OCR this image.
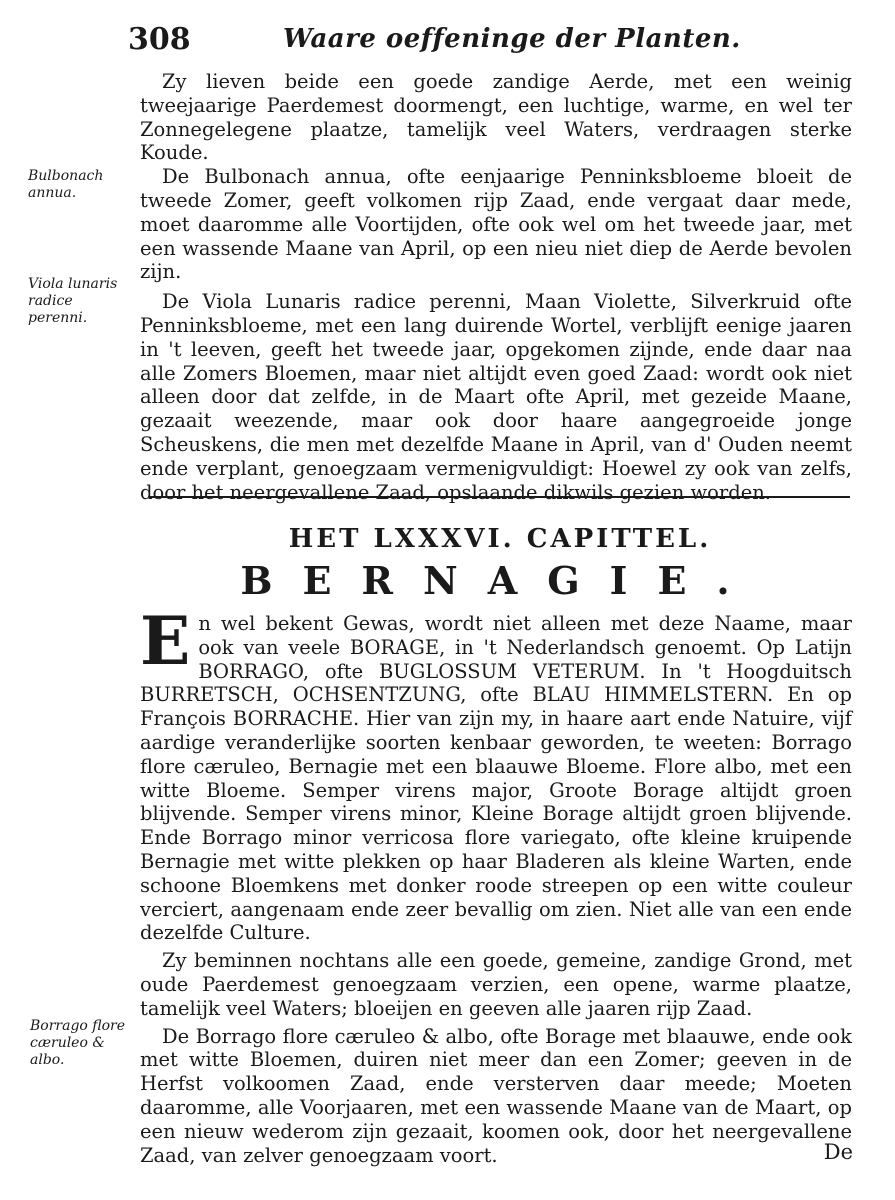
308	Waare oeffeninge der Planten.
Bulbonach annua.
Viola lunaris radice perenni.
Borrago flore cæruleo & albo.

Zy lieven beide een goede zandige Aerde, met een weinig tweejaarige Paerdemest doormengt, een luchtige, warme, en wel ter Zonnegelegene plaatze, tamelijk veel Waters, verdraagen sterke Koude.

De Bulbonach annua, ofte eenjaarige Penninksbloeme bloeit de tweede Zomer, geeft volkomen rijp Zaad, ende vergaat daar mede, moet daaromme alle Voortijden, ofte ook wel om het tweede jaar, met een wassende Maane van April, op een nieu niet diep de Aerde bevolen zijn.

De Viola Lunaris radice perenni, Maan Violette, Silverkruid ofte Penninksbloeme, met een lang duirende Wortel, verblijft eenige jaaren in 't leeven, geeft het tweede jaar, opgekomen zijnde, ende daar naa alle Zomers Bloemen, maar niet altijdt even goed Zaad: wordt ook niet alleen door dat zelfde, in de Maart ofte April, met gezeide Maane, gezaait weezende, maar ook door haare aangegroeide jonge Scheuskens, die men met dezelfde Maane in April, van d' Ouden neemt ende verplant, genoegzaam vermenigvuldigt: Hoewel zy ook van zelfs, door het neergevallene Zaad, opslaande dikwils gezien worden.

HET LXXXVI. CAPITTEL.
BERNAGIE.

E n wel bekent Gewas, wordt niet alleen met deze Naame, maar ook van veele BORAGE, in 't Nederlandsch genoemt. Op Latijn BORRAGO, ofte BUGLOSSUM VETERUM. In 't Hoogduitsch BURRETSCH, OCHSENTZUNG, ofte BLAU HIMMELSTERN. En op François BORRACHE. Hier van zijn my, in haare aart ende Natuire, vijf aardige veranderlijke soorten kenbaar geworden, te weeten: Borrago flore cæruleo, Bernagie met een blaauwe Bloeme. Flore albo, met een witte Bloeme. Semper virens major, Groote Borage altijdt groen blijvende. Semper virens minor, Kleine Borage altijdt groen blijvende. Ende Borrago minor verricosa flore variegato, ofte kleine kruipende Bernagie met witte plekken op haar Bladeren als kleine Warten, ende schoone Bloemkens met donker roode streepen op een witte couleur verciert, aangenaam ende zeer bevallig om zien. Niet alle van een ende dezelfde Culture.

Zy beminnen nochtans alle een goede, gemeine, zandige Grond, met oude Paerdemest genoegzaam verzien, een opene, warme plaatze, tamelijk veel Waters; bloeijen en geeven alle jaaren rijp Zaad.

De Borrago flore cæruleo & albo, ofte Borage met blaauwe, ende ook met witte Bloemen, duiren niet meer dan een Zomer; geeven in de Herfst volkoomen Zaad, ende versterven daar meede; Moeten daaromme, alle Voorjaaren, met een wassende Maane van de Maart, op een nieuw wederom zijn gezaait, koomen ook, door het neergevallene Zaad, van zelver genoegzaam voort.	De
